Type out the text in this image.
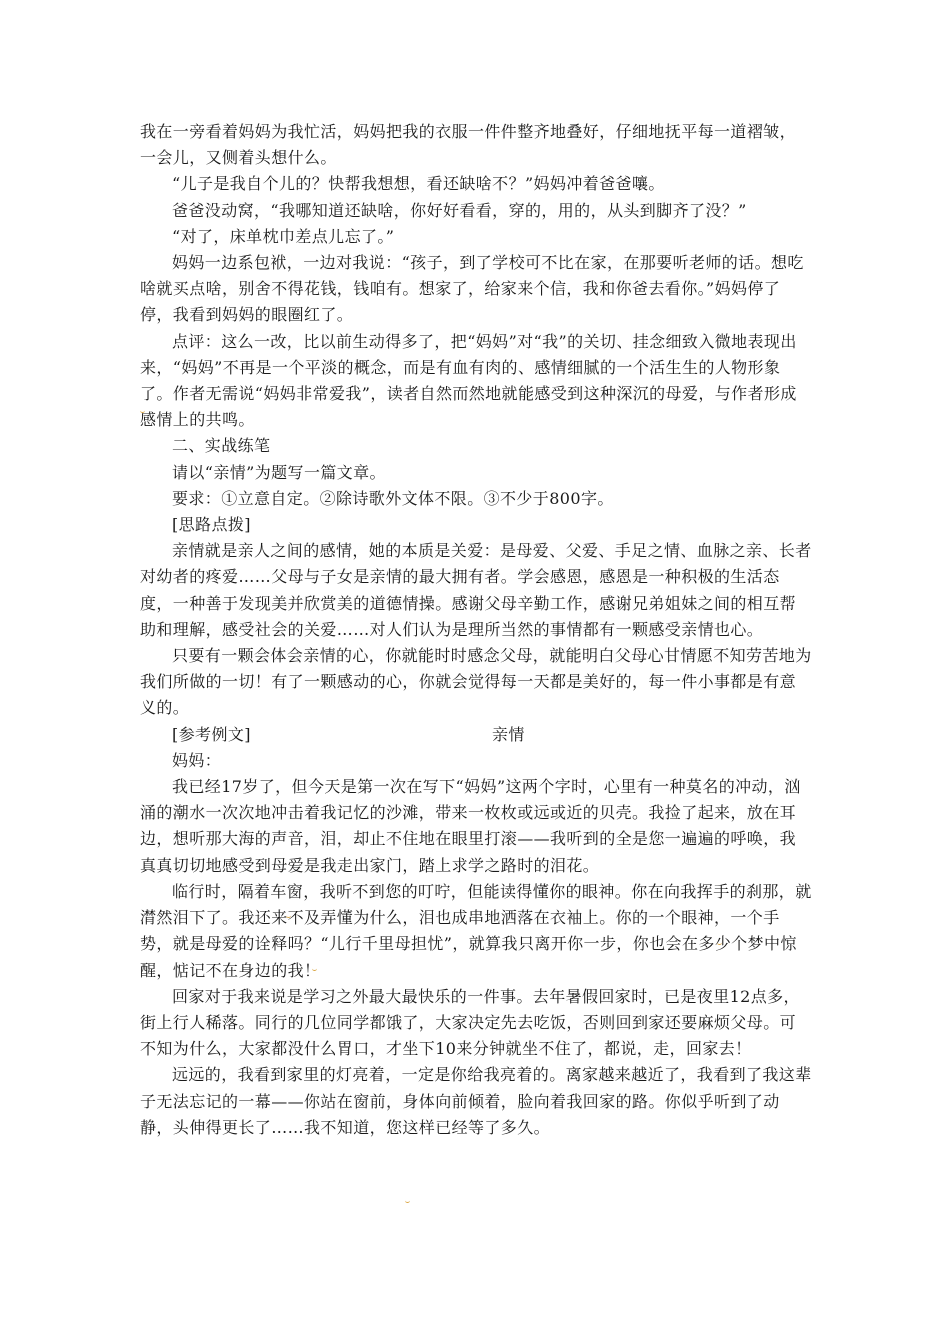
我在一旁看着妈妈为我忙活，妈妈把我的衣服一件件整齐地叠好，仔细地抚平每一道褶皱，一会儿，又侧着头想什么。

“儿子是我自个儿的？快帮我想想，看还缺啥不？”妈妈冲着爸爸嚷。

爸爸没动窝，“我哪知道还缺啥，你好好看看，穿的，用的，从头到脚齐了没？”

“对了，床单枕巾差点儿忘了。”

妈妈一边系包袱，一边对我说：“孩子，到了学校可不比在家，在那要听老师的话。想吃啥就买点啥，别舍不得花钱，钱咱有。想家了，给家来个信，我和你爸去看你。”妈妈停了停，我看到妈妈的眼圈红了。

点评：这么一改，比以前生动得多了，把“妈妈”对“我”的关切、挂念细致入微地表现出来，“妈妈”不再是一个平淡的概念，而是有血有肉的、感情细腻的一个活生生的人物形象了。作者无需说“妈妈非常爱我”，读者自然而然地就能感受到这种深沉的母爱，与作者形成感情上的共鸣。

二、实战练笔

请以“亲情”为题写一篇文章。

要求：①立意自定。②除诗歌外文体不限。③不少于800字。

[思路点拨]

亲情就是亲人之间的感情，她的本质是关爱：是母爱、父爱、手足之情、血脉之亲、长者对幼者的疼爱……父母与子女是亲情的最大拥有者。学会感恩，感恩是一种积极的生活态度，一种善于发现美并欣赏美的道德情操。感谢父母辛勤工作，感谢兄弟姐妹之间的相互帮助和理解，感受社会的关爱……对人们认为是理所当然的事情都有一颗感受亲情也心。

只要有一颗会体会亲情的心，你就能时时感念父母，就能明白父母心甘情愿不知劳苦地为我们所做的一切！有了一颗感动的心，你就会觉得每一天都是美好的，每一件小事都是有意义的。

[参考例文]	亲情

妈妈：

我已经17岁了，但今天是第一次在写下“妈妈”这两个字时，心里有一种莫名的冲动，汹涌的潮水一次次地冲击着我记忆的沙滩，带来一枚枚或远或近的贝壳。我捡了起来，放在耳边，想听那大海的声音，泪，却止不住地在眼里打滚——我听到的全是您一遍遍的呼唤，我真真切切地感受到母爱是我走出家门，踏上求学之路时的泪花。

临行时，隔着车窗，我听不到您的叮咛，但能读得懂你的眼神。你在向我挥手的刹那，就潸然泪下了。我还来不及弄懂为什么，泪也成串地洒落在衣袖上。你的一个眼神，一个手势，就是母爱的诠释吗？“儿行千里母担忧”，就算我只离开你一步，你也会在多少个梦中惊醒，惦记不在身边的我！

回家对于我来说是学习之外最大最快乐的一件事。去年暑假回家时，已是夜里12点多，街上行人稀落。同行的几位同学都饿了，大家决定先去吃饭，否则回到家还要麻烦父母。可不知为什么，大家都没什么胃口，才坐下10来分钟就坐不住了，都说，走，回家去！

远远的，我看到家里的灯亮着，一定是你给我亮着的。离家越来越近了，我看到了我这辈子无法忘记的一幕——你站在窗前，身体向前倾着，脸向着我回家的路。你似乎听到了动静，头伸得更长了……我不知道，您这样已经等了多久。
